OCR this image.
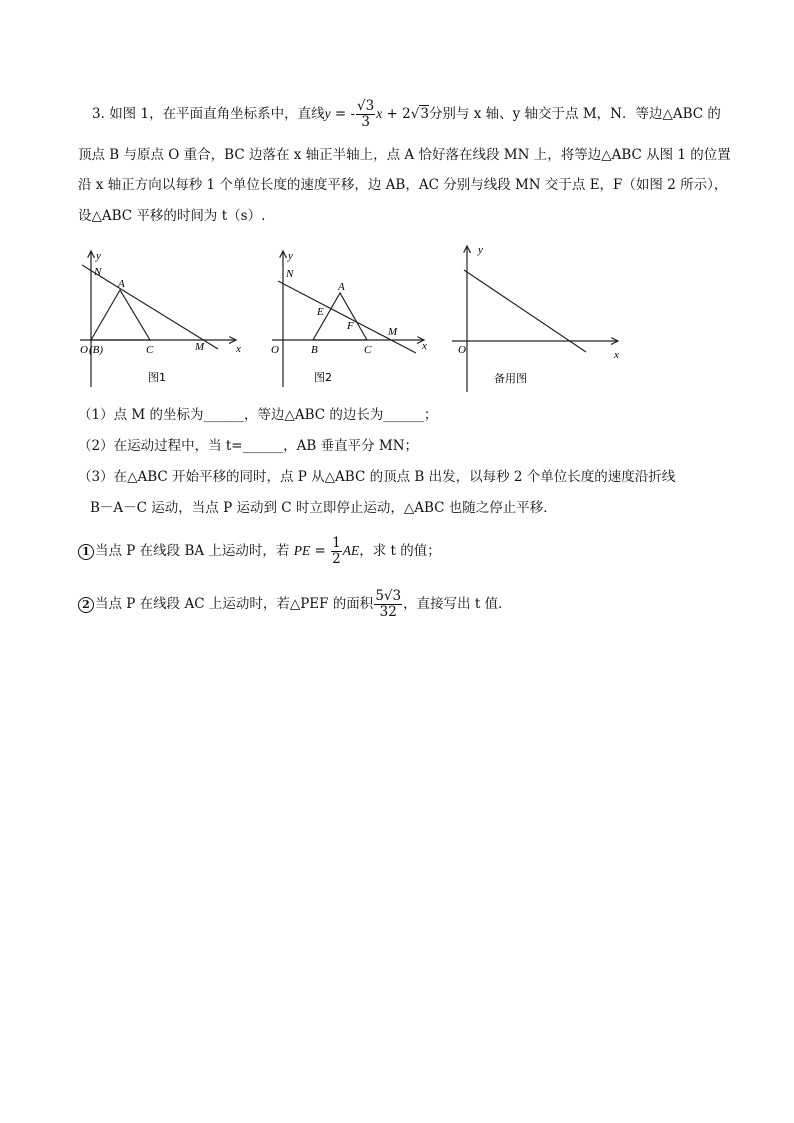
3. 如图 1，在平面直角坐标系中，直线y = - $\frac{√3}{3}$ x + 2√3分别与 x 轴、y 轴交于点 M，N．等边△ABC 的
顶点 B 与原点 O 重合，BC 边落在 x 轴正半轴上，点 A 恰好落在线段 MN 上，将等边△ABC 从图 1 的位置
沿 x 轴正方向以每秒 1 个单位长度的速度平移，边 AB，AC 分别与线段 MN 交于点 E，F（如图 2 所示），
设△ABC 平移的时间为 t（s）.
y
N
A
O (B)	C	M	x
图1
y
N
A
E
F	M
O	B	C	x
图2
y
O	x
备用图
（1）点 M 的坐标为______，等边△ABC 的边长为______；
（2）在运动过程中，当 t=______，AB 垂直平分 MN；
（3）在△ABC 开始平移的同时，点 P 从△ABC 的顶点 B 出发，以每秒 2 个单位长度的速度沿折线
B－A－C 运动，当点 P 运动到 C 时立即停止运动，△ABC 也随之停止平移．
1 当点 P 在线段 BA 上运动时，若 PE = $\frac{1}{2}$ AE，求 t 的值；
2 当点 P 在线段 AC 上运动时，若△PEF 的面积 $\frac{5√3}{32}$ ，直接写出 t 值．
